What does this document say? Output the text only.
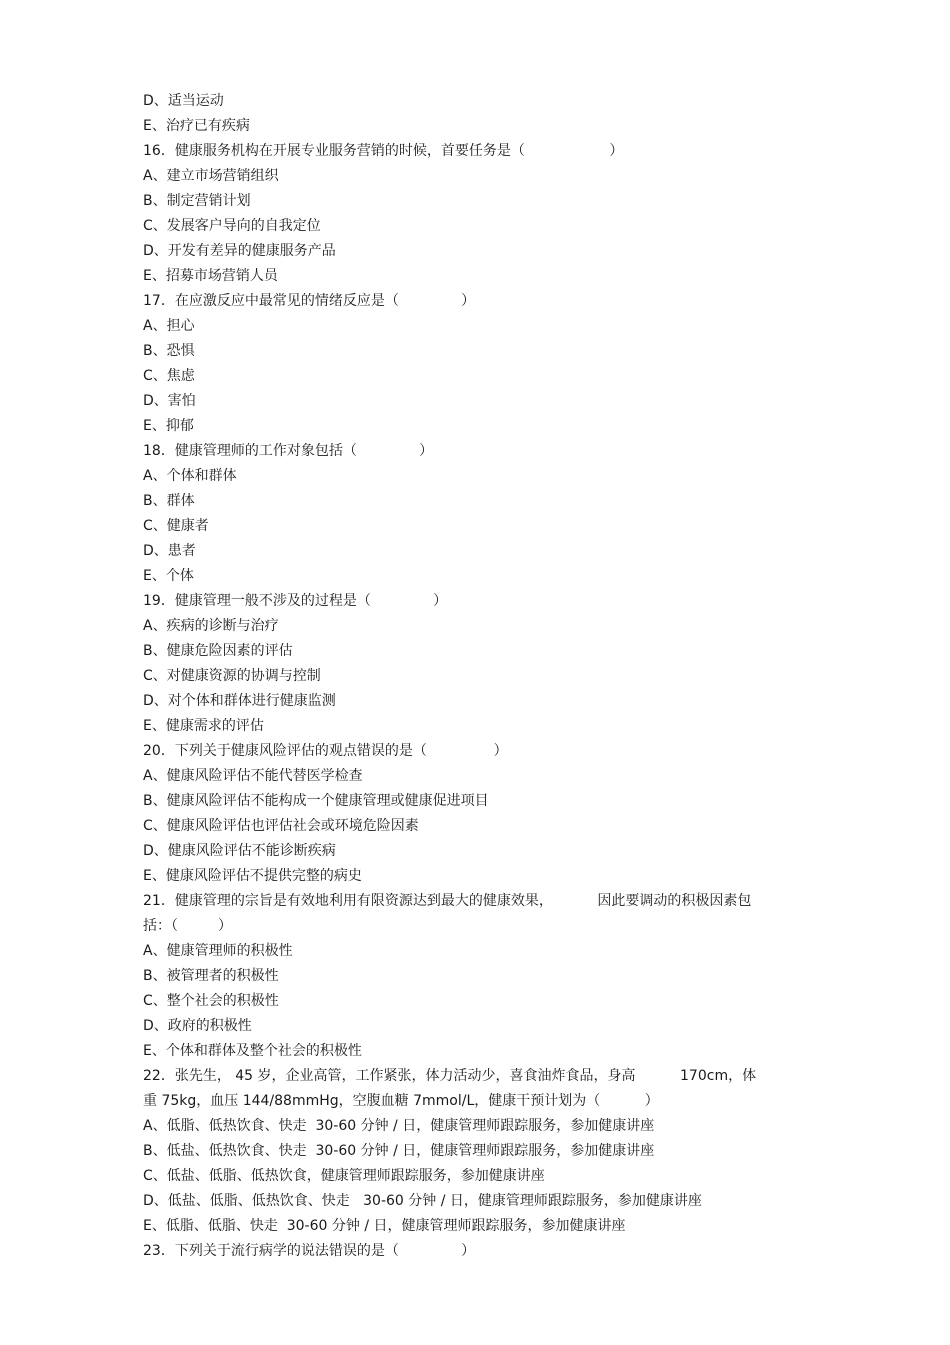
D、适当运动
E、治疗已有疾病
16．健康服务机构在开展专业服务营销的时候，首要任务是（                   ）
A、建立市场营销组织
B、制定营销计划
C、发展客户导向的自我定位
D、开发有差异的健康服务产品
E、招募市场营销人员
17．在应激反应中最常见的情绪反应是（              ）
A、担心
B、恐惧
C、焦虑
D、害怕
E、抑郁
18．健康管理师的工作对象包括（              ）
A、个体和群体
B、群体
C、健康者
D、患者
E、个体
19．健康管理一般不涉及的过程是（              ）
A、疾病的诊断与治疗
B、健康危险因素的评估
C、对健康资源的协调与控制
D、对个体和群体进行健康监测
E、健康需求的评估
20．下列关于健康风险评估的观点错误的是（               ）
A、健康风险评估不能代替医学检查
B、健康风险评估不能构成一个健康管理或健康促进项目
C、健康风险评估也评估社会或环境危险因素
D、健康风险评估不能诊断疾病
E、健康风险评估不提供完整的病史
21．健康管理的宗旨是有效地利用有限资源达到最大的健康效果，          因此要调动的积极因素包
括：（         ）
A、健康管理师的积极性
B、被管理者的积极性
C、整个社会的积极性
D、政府的积极性
E、个体和群体及整个社会的积极性
22．张先生， 45 岁，企业高管，工作紧张，体力活动少，喜食油炸食品，身高          170cm，体
重 75kg，血压 144/88mmHg，空腹血糖 7mmol/L，健康干预计划为（          ）
A、低脂、低热饮食、快走  30-60 分钟 / 日，健康管理师跟踪服务，参加健康讲座
B、低盐、低热饮食、快走  30-60 分钟 / 日，健康管理师跟踪服务，参加健康讲座
C、低盐、低脂、低热饮食，健康管理师跟踪服务，参加健康讲座
D、低盐、低脂、低热饮食、快走   30-60 分钟 / 日，健康管理师跟踪服务，参加健康讲座
E、低脂、低脂、快走  30-60 分钟 / 日，健康管理师跟踪服务，参加健康讲座
23．下列关于流行病学的说法错误的是（              ）
